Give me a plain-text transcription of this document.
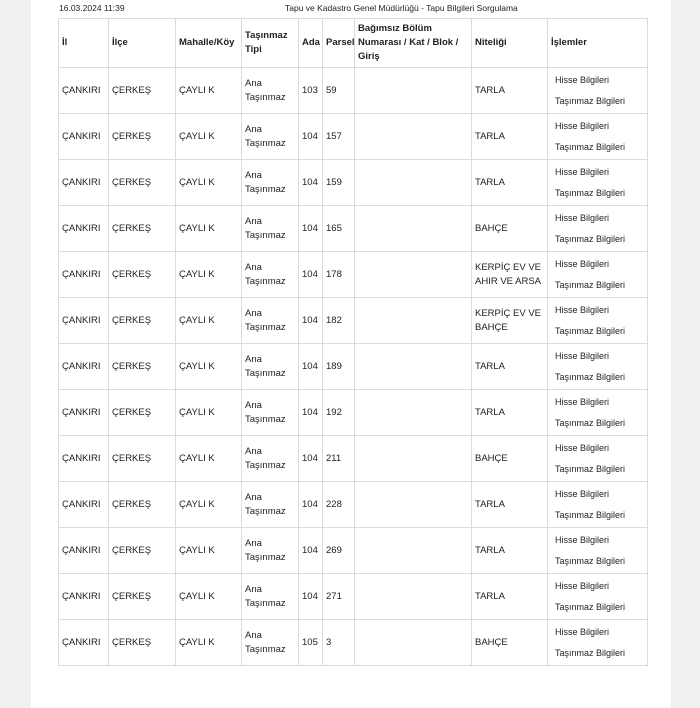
16.03.2024 11:39	Tapu ve Kadastro Genel Müdürlüğü - Tapu Bilgileri Sorgulama
İl	İlçe	Mahalle/Köy	Taşınmaz Tipi	Ada	Parsel	Bağımsız Bölüm Numarası / Kat / Blok / Giriş	Niteliği	İşlemler
ÇANKIRI	ÇERKEŞ	ÇAYLI K	Ana Taşınmaz	103	59		TARLA	Hisse Bilgileri
Taşınmaz Bilgileri

ÇANKIRI	ÇERKEŞ	ÇAYLI K	Ana Taşınmaz	104	157		TARLA	Hisse Bilgileri
Taşınmaz Bilgileri

ÇANKIRI	ÇERKEŞ	ÇAYLI K	Ana Taşınmaz	104	159		TARLA	Hisse Bilgileri
Taşınmaz Bilgileri

ÇANKIRI	ÇERKEŞ	ÇAYLI K	Ana Taşınmaz	104	165		BAHÇE	Hisse Bilgileri
Taşınmaz Bilgileri

ÇANKIRI	ÇERKEŞ	ÇAYLI K	Ana Taşınmaz	104	178		KERPİÇ EV VE AHIR VE ARSA	Hisse Bilgileri
Taşınmaz Bilgileri

ÇANKIRI	ÇERKEŞ	ÇAYLI K	Ana Taşınmaz	104	182		KERPİÇ EV VE BAHÇE	Hisse Bilgileri
Taşınmaz Bilgileri

ÇANKIRI	ÇERKEŞ	ÇAYLI K	Ana Taşınmaz	104	189		TARLA	Hisse Bilgileri
Taşınmaz Bilgileri

ÇANKIRI	ÇERKEŞ	ÇAYLI K	Ana Taşınmaz	104	192		TARLA	Hisse Bilgileri
Taşınmaz Bilgileri

ÇANKIRI	ÇERKEŞ	ÇAYLI K	Ana Taşınmaz	104	211		BAHÇE	Hisse Bilgileri
Taşınmaz Bilgileri

ÇANKIRI	ÇERKEŞ	ÇAYLI K	Ana Taşınmaz	104	228		TARLA	Hisse Bilgileri
Taşınmaz Bilgileri

ÇANKIRI	ÇERKEŞ	ÇAYLI K	Ana Taşınmaz	104	269		TARLA	Hisse Bilgileri
Taşınmaz Bilgileri

ÇANKIRI	ÇERKEŞ	ÇAYLI K	Ana Taşınmaz	104	271		TARLA	Hisse Bilgileri
Taşınmaz Bilgileri

ÇANKIRI	ÇERKEŞ	ÇAYLI K	Ana Taşınmaz	105	3		BAHÇE	Hisse Bilgileri
Taşınmaz Bilgileri
